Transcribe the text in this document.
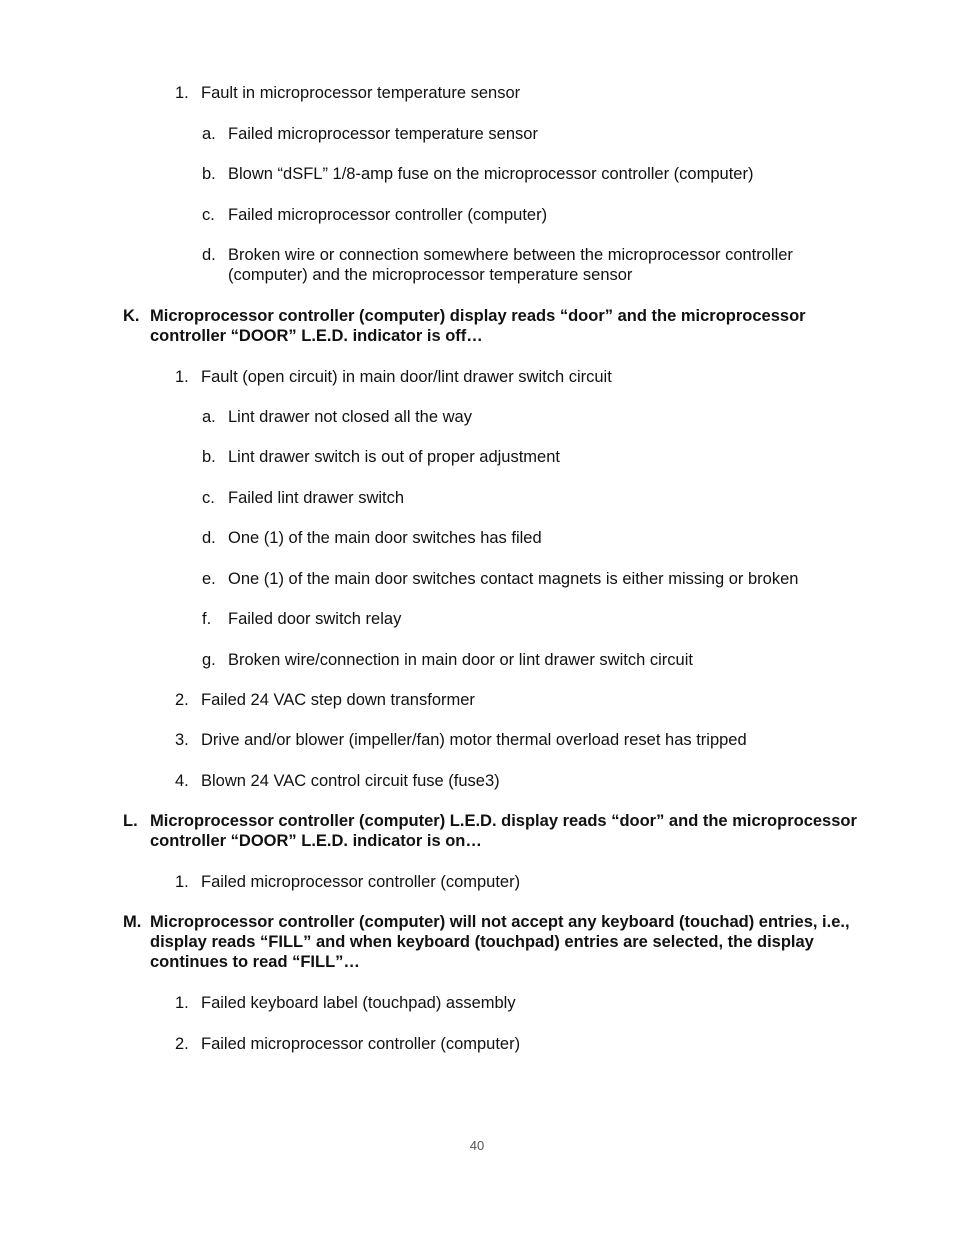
1. Fault in microprocessor temperature sensor
a. Failed microprocessor temperature sensor
b. Blown “dSFL” 1/8-amp fuse on the microprocessor controller (computer)
c. Failed microprocessor controller (computer)
d. Broken wire or connection somewhere between the microprocessor controller (computer) and the microprocessor temperature sensor
K. Microprocessor controller (computer) display reads “door” and the microprocessor controller “DOOR” L.E.D. indicator is off…
1. Fault (open circuit) in main door/lint drawer switch circuit
a. Lint drawer not closed all the way
b. Lint drawer switch is out of proper adjustment
c. Failed lint drawer switch
d. One (1) of the main door switches has filed
e. One (1) of the main door switches contact magnets is either missing or broken
f.	Failed door switch relay
g. Broken wire/connection in main door or lint drawer switch circuit
2. Failed 24 VAC step down transformer
3. Drive and/or blower (impeller/fan) motor thermal overload reset has tripped
4. Blown 24 VAC control circuit fuse (fuse3)
L. Microprocessor controller (computer) L.E.D. display reads “door” and the microprocessor controller “DOOR” L.E.D. indicator is on…
1. Failed microprocessor controller (computer)
M. Microprocessor controller (computer) will not accept any keyboard (touchad) entries, i.e., display reads “FILL” and when keyboard (touchpad) entries are selected, the display continues to read “FILL”…
1. Failed keyboard label (touchpad) assembly
2. Failed microprocessor controller (computer)
40
